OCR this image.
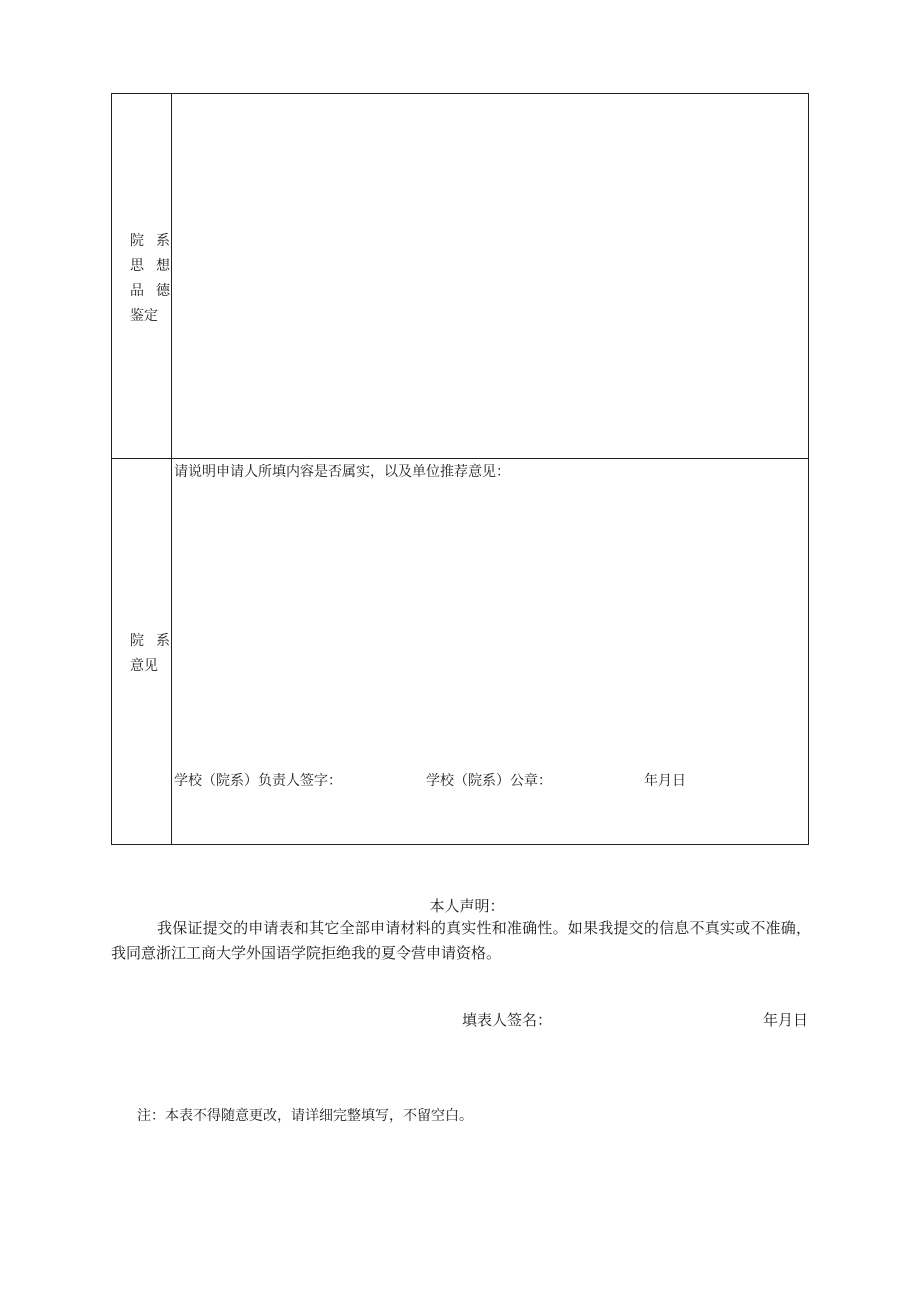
院 系
思 想
品 德
鉴定
院 系
意见
请说明申请人所填内容是否属实，以及单位推荐意见：
学校（院系）负责人签字：	学校（院系）公章：	年月日
本人声明：

我保证提交的申请表和其它全部申请材料的真实性和准确性。如果我提交的信息不真实或不准确，我同意浙江工商大学外国语学院拒绝我的夏令营申请资格。

填表人签名：	年月日
注：本表不得随意更改，请详细完整填写，不留空白。
